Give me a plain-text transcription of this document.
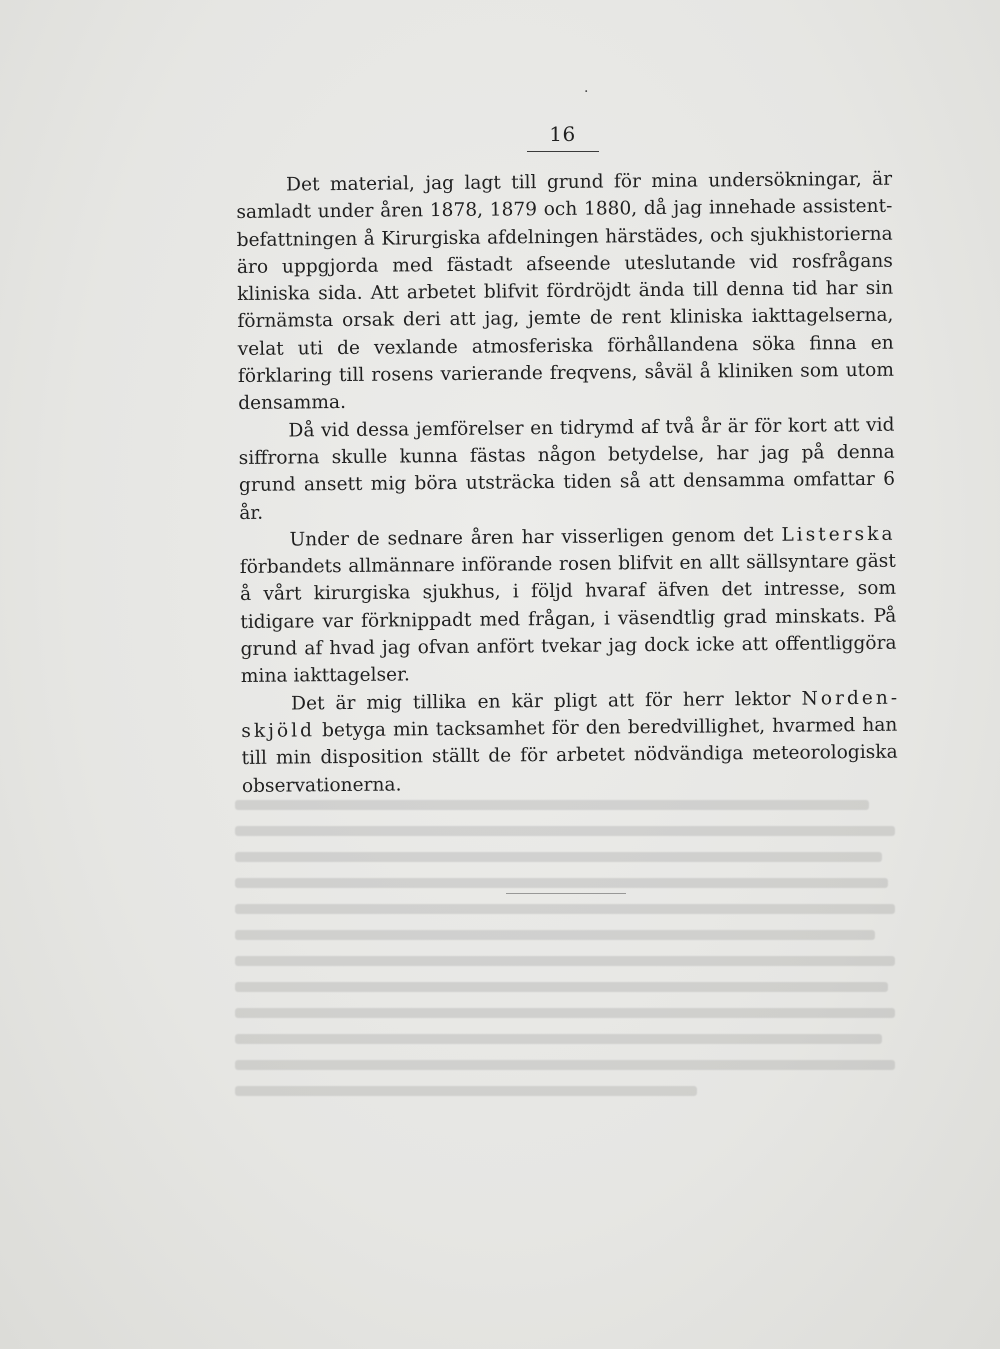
·
16

Det material, jag lagt till grund för mina undersökningar, är samladt under åren 1878, 1879 och 1880, då jag innehade assistentbefattningen å Kirurgiska afdelningen härstädes, och sjukhistorierna äro uppgjorda med fästadt afseende uteslutande vid rosfrågans kliniska sida. Att arbetet blifvit fördröjdt ända till denna tid har sin förnämsta orsak deri att jag, jemte de rent kliniska iakttagelserna, velat uti de vexlande atmosferiska förhållandena söka finna en förklaring till rosens varierande freqvens, såväl å kliniken som utom densamma.

Då vid dessa jemförelser en tidrymd af två år är för kort att vid siffrorna skulle kunna fästas någon betydelse, har jag på denna grund ansett mig böra utsträcka tiden så att densamma omfattar 6 år.

Under de sednare åren har visserligen genom det Listerska förbandets allmännare införande rosen blifvit en allt sällsyntare gäst å vårt kirurgiska sjukhus, i följd hvaraf äfven det intresse, som tidigare var förknippadt med frågan, i väsendtlig grad minskats. På grund af hvad jag ofvan anfört tvekar jag dock icke att offentliggöra mina iakttagelser.

Det är mig tillika en kär pligt att för herr lektor Nordenskjöld betyga min tacksamhet för den beredvillighet, hvarmed han till min disposition ställt de för arbetet nödvändiga meteorologiska observationerna.
